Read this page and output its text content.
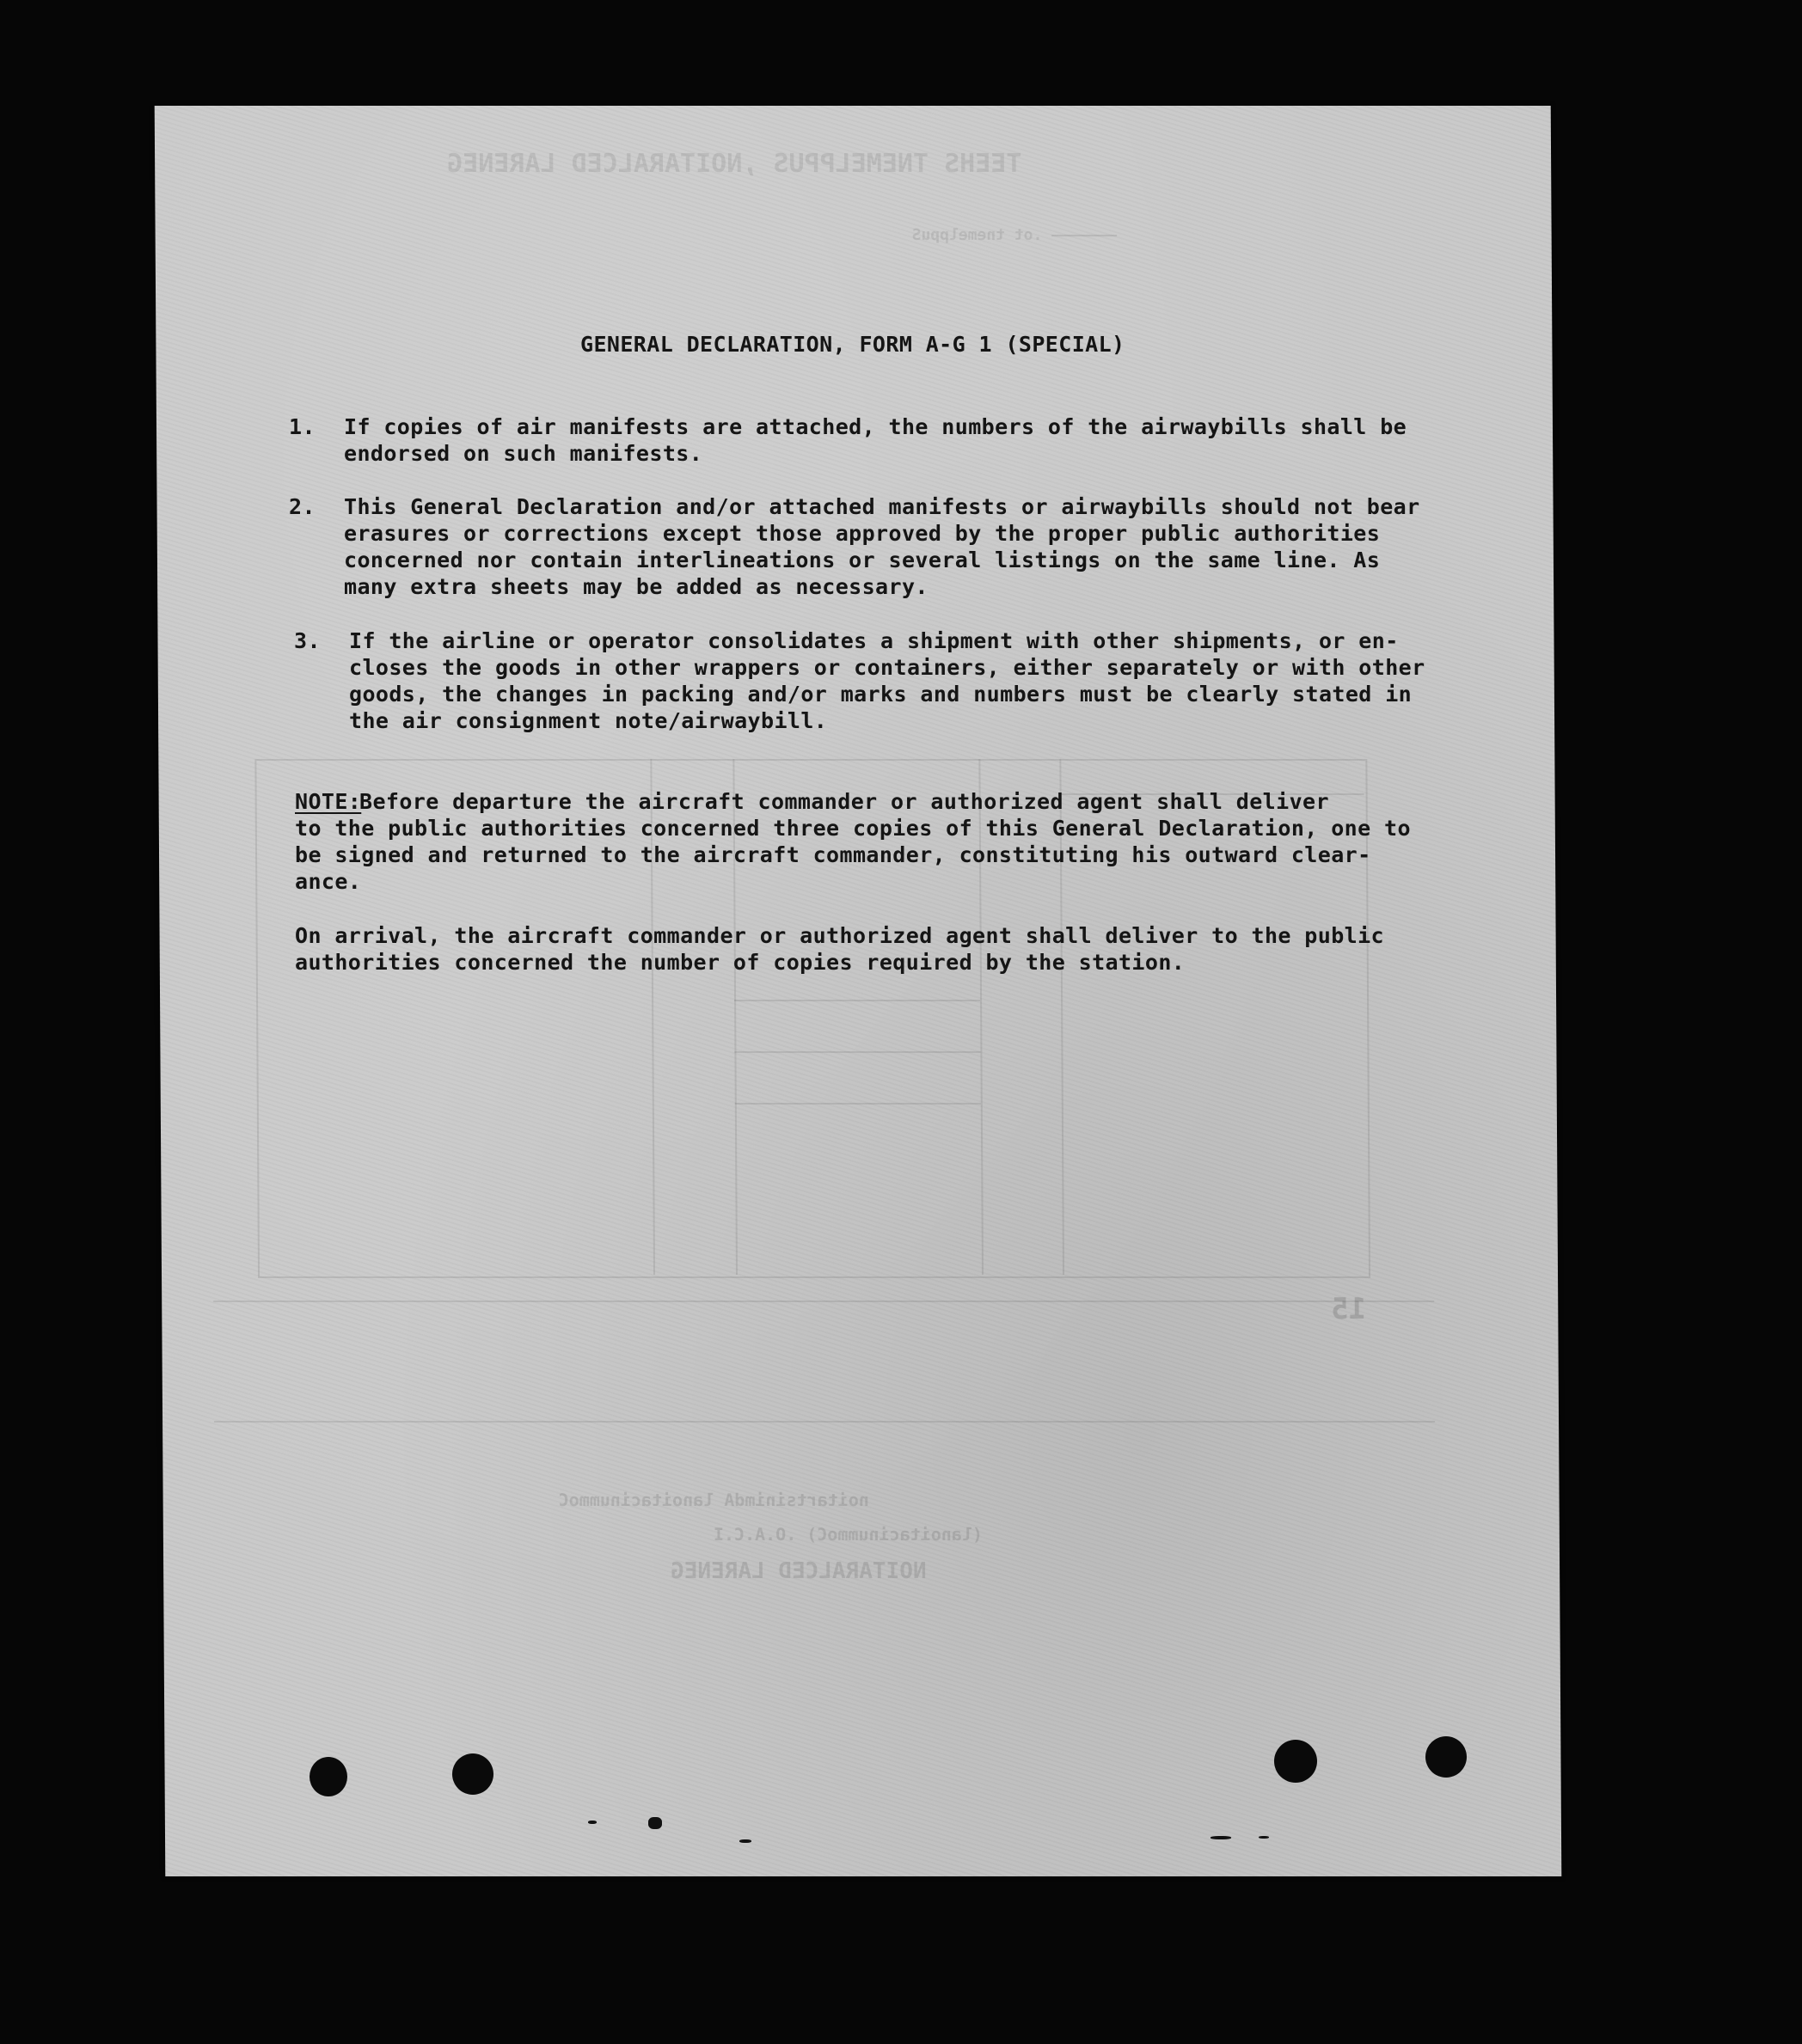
TEEHS TNEMELPPUS ,NOITARALCED LARENEG
——————— .ot tnemelppuS
NOITARALCED LARENEG
(lanoitacinummoC) .O.A.C.I
noitartsinimdA lanoitacinummoC
15
GENERAL DECLARATION, FORM A-G 1 (SPECIAL)
1. If copies of air manifests are attached, the numbers of the airwaybills shall be
endorsed on such manifests.
2. This General Declaration and/or attached manifests or airwaybills should not bear
erasures or corrections except those approved by the proper public authorities
concerned nor contain interlineations or several listings on the same line. As
many extra sheets may be added as necessary.
3. If the airline or operator consolidates a shipment with other shipments, or en-
closes the goods in other wrappers or containers, either separately or with other
goods, the changes in packing and/or marks and numbers must be clearly stated in
the air consignment note/airwaybill.
NOTE:
Before departure the aircraft commander or authorized agent shall deliver
to the public authorities concerned three copies of this General Declaration, one to
be signed and returned to the aircraft commander, constituting his outward clear-
ance.
On arrival, the aircraft commander or authorized agent shall deliver to the public
authorities concerned the number of copies required by the station.
